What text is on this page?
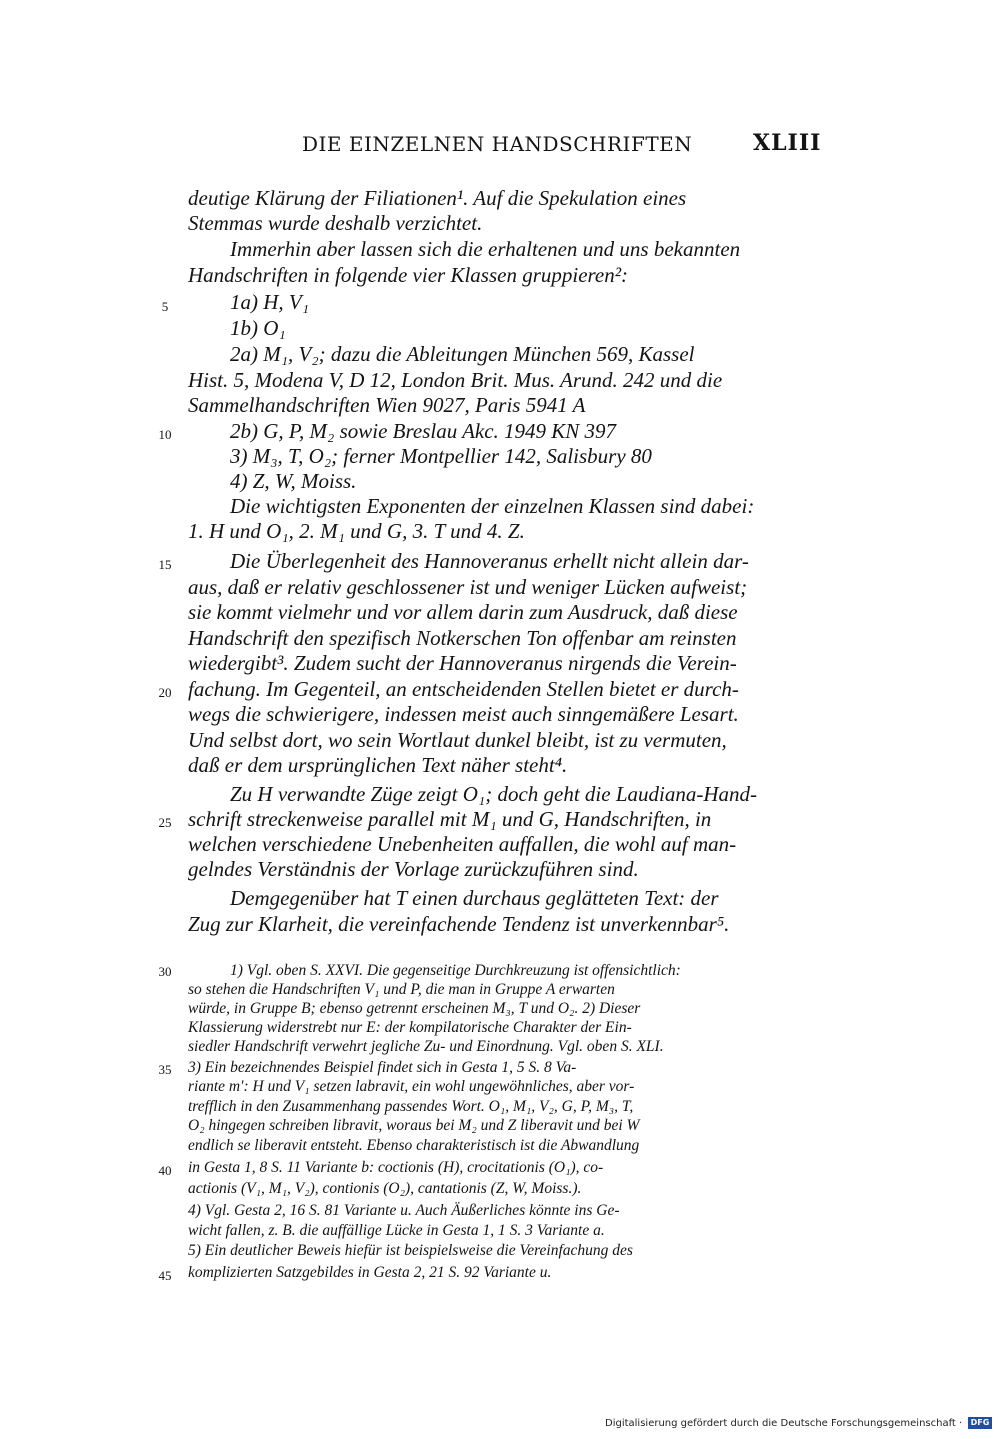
DIE EINZELNEN HANDSCHRIFTEN	XLIII
deutige Klärung der Filiationen¹. Auf die Spekulation eines
Stemmas wurde deshalb verzichtet.
Immerhin aber lassen sich die erhaltenen und uns bekannten
Handschriften in folgende vier Klassen gruppieren²:
1a) H, V₁
1b) O₁
2a) M₁, V₂; dazu die Ableitungen München 569, Kassel
Hist. 5, Modena V, D 12, London Brit. Mus. Arund. 242 und die
Sammelhandschriften Wien 9027, Paris 5941 A
2b) G, P, M₂ sowie Breslau Akc. 1949 KN 397
3) M₃, T, O₂; ferner Montpellier 142, Salisbury 80
4) Z, W, Moiss.
Die wichtigsten Exponenten der einzelnen Klassen sind dabei:
1. H und O₁, 2. M₁ und G, 3. T und 4. Z.
Die Überlegenheit des Hannoveranus erhellt nicht allein dar-
aus, daß er relativ geschlossener ist und weniger Lücken aufweist;
sie kommt vielmehr und vor allem darin zum Ausdruck, daß diese
Handschrift den spezifisch Notkerschen Ton offenbar am reinsten
wiedergibt³. Zudem sucht der Hannoveranus nirgends die Verein-
fachung. Im Gegenteil, an entscheidenden Stellen bietet er durch-
wegs die schwierigere, indessen meist auch sinngemäßere Lesart.
Und selbst dort, wo sein Wortlaut dunkel bleibt, ist zu vermuten,
daß er dem ursprünglichen Text näher steht⁴.
Zu H verwandte Züge zeigt O₁; doch geht die Laudiana-Hand-
schrift streckenweise parallel mit M₁ und G, Handschriften, in
welchen verschiedene Unebenheiten auffallen, die wohl auf man-
gelndes Verständnis der Vorlage zurückzuführen sind.
Demgegenüber hat T einen durchaus geglätteten Text: der
Zug zur Klarheit, die vereinfachende Tendenz ist unverkennbar⁵.
1) Vgl. oben S. XXVI. Die gegenseitige Durchkreuzung ist offensichtlich:
so stehen die Handschriften V₁ und P, die man in Gruppe A erwarten
würde, in Gruppe B; ebenso getrennt erscheinen M₃, T und O₂. 2) Dieser
Klassierung widerstrebt nur E: der kompilatorische Charakter der Ein-
siedler Handschrift verwehrt jegliche Zu- und Einordnung. Vgl. oben S. XLI.
3) Ein bezeichnendes Beispiel findet sich in Gesta 1, 5 S. 8 Va-
riante m′: H und V₁ setzen labravit, ein wohl ungewöhnliches, aber vor-
trefflich in den Zusammenhang passendes Wort. O₁, M₁, V₂, G, P, M₃, T,
O₂ hingegen schreiben libravit, woraus bei M₂ und Z liberavit und bei W
endlich se liberavit entsteht. Ebenso charakteristisch ist die Abwandlung
in Gesta 1, 8 S. 11 Variante b: coctionis (H), crocitationis (O₁), co-
actionis (V₁, M₁, V₂), contionis (O₂), cantationis (Z, W, Moiss.).
4) Vgl. Gesta 2, 16 S. 81 Variante u. Auch Äußerliches könnte ins Ge-
wicht fallen, z. B. die auffällige Lücke in Gesta 1, 1 S. 3 Variante a.
5) Ein deutlicher Beweis hiefür ist beispielsweise die Vereinfachung des
komplizierten Satzgebildes in Gesta 2, 21 S. 92 Variante u.
5
10
15
20
25
30
35
40
45
Digitalisierung gefördert durch die Deutsche Forschungsgemeinschaft ·	DFG
